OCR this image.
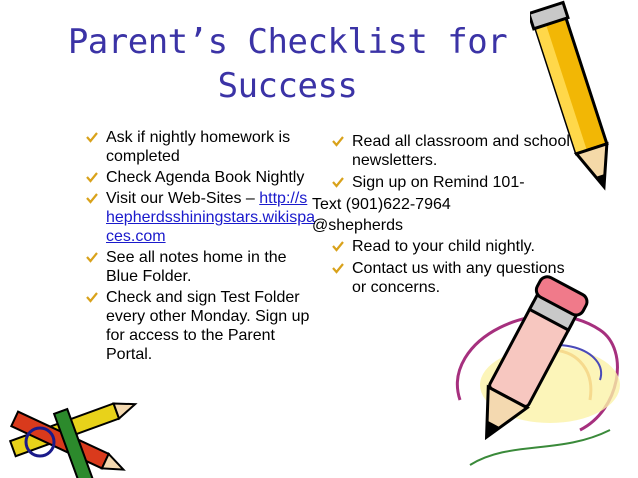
Parent’s Checklist for Success
Ask if nightly homework is completed
Check Agenda Book Nightly
Visit our Web-Sites – http://shepherdsshiningstars.wikispaces.com
See all notes home in the Blue Folder.
Check and sign Test Folder every other Monday. Sign up for access to the Parent Portal.
Read all classroom and school newsletters.
Sign up on Remind 101-
Text (901)622-7964
@shepherds
Read to your child nightly.
Contact us with any questions or concerns.
